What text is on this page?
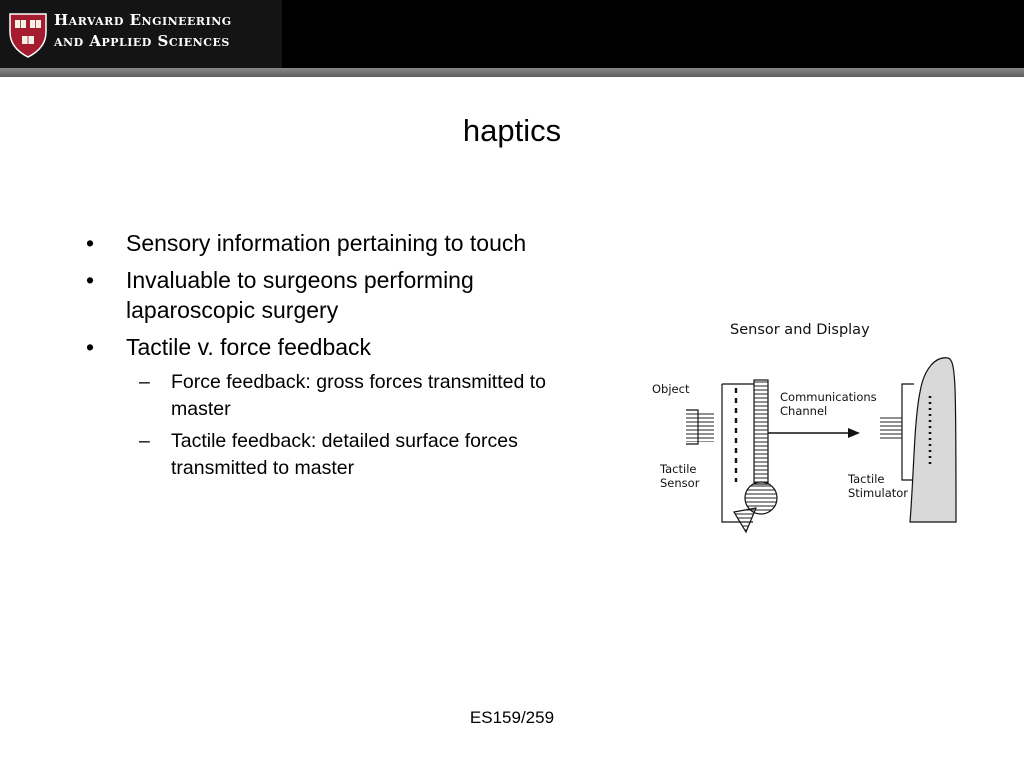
Harvard Engineering
and Applied Sciences
haptics
• Sensory information pertaining to touch
• Invaluable to surgeons performing laparoscopic surgery
• Tactile v. force feedback
– Force feedback: gross forces transmitted to master
– Tactile feedback: detailed surface forces transmitted to master
Sensor and Display
Object
Communications
Channel
Tactile
Sensor	Tactile
Stimulator
ES159/259
